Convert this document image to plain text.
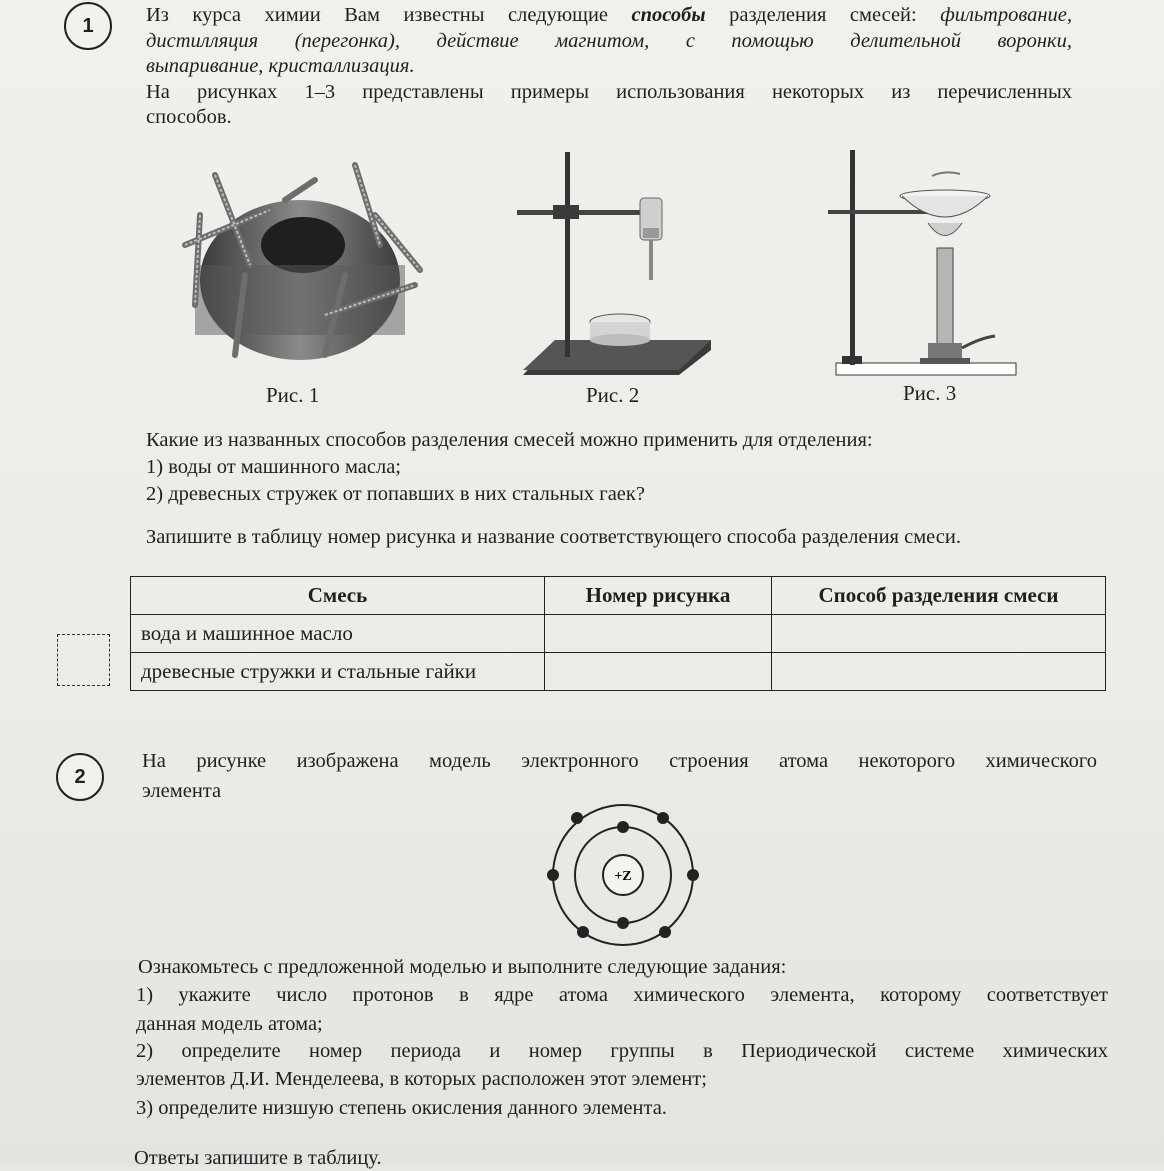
1	Из курса химии Вам известны следующие способы разделения смесей: фильтрование,
дистилляция (перегонка), действие магнитом, с помощью делительной воронки,
выпаривание, кристаллизация.
На рисунках 1–3 представлены примеры использования некоторых из перечисленных
способов.
Рис. 1	Рис. 2	Рис. 3
Какие из названных способов разделения смесей можно применить для отделения:
1) воды от машинного масла;
2) древесных стружек от попавших в них стальных гаек?
Запишите в таблицу номер рисунка и название соответствующего способа разделения смеси.
Смесь	Номер рисунка	Способ разделения смеси
вода и машинное масло		
древесные стружки и стальные гайки		
2
На рисунке изображена модель электронного строения атома некоторого химического
элемента
+Z
Ознакомьтесь с предложенной моделью и выполните следующие задания:
1) укажите число протонов в ядре атома химического элемента, которому соответствует
данная модель атома;
2) определите номер периода и номер группы в Периодической системе химических
элементов Д.И. Менделеева, в которых расположен этот элемент;
3) определите низшую степень окисления данного элемента.
Ответы запишите в таблицу.
